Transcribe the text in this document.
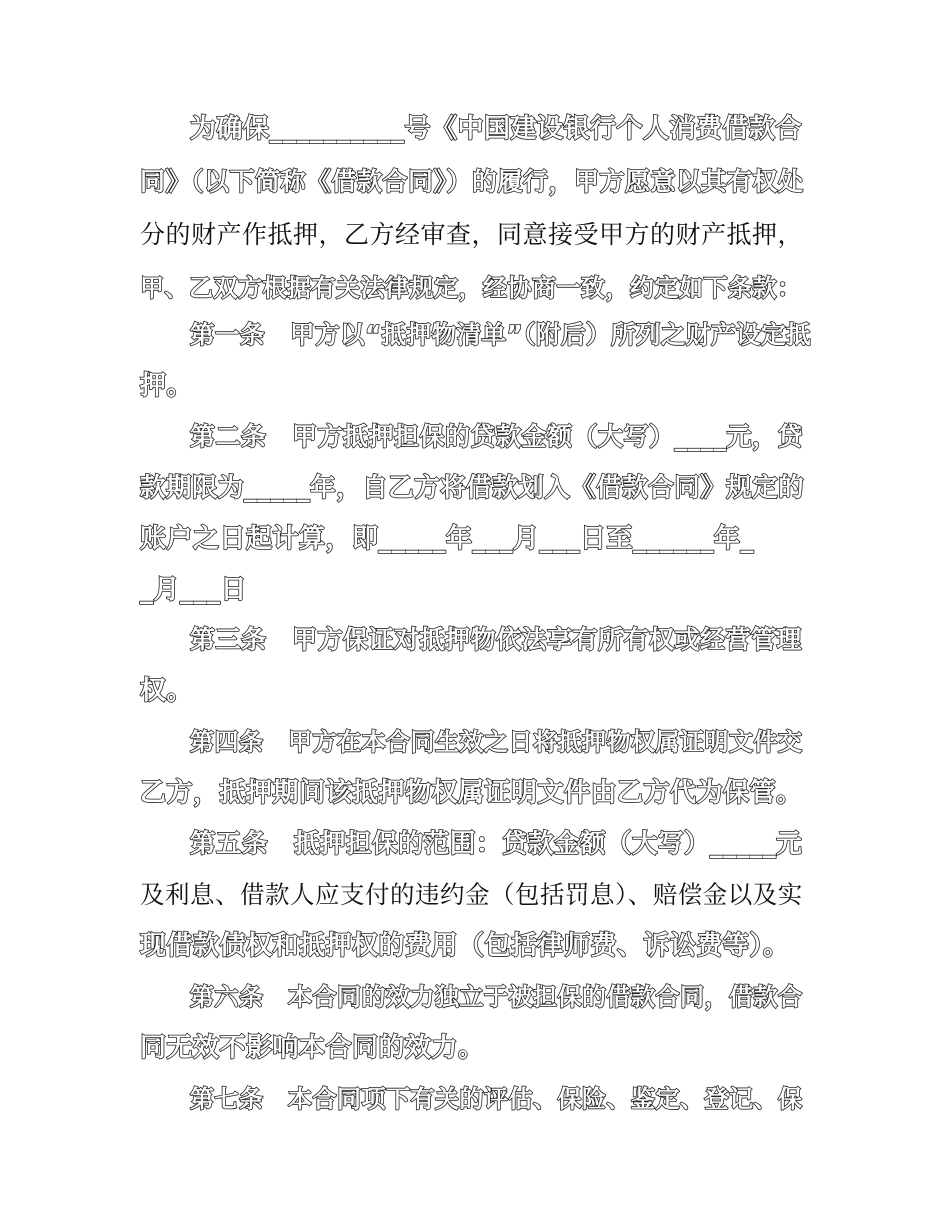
为确保__________号《中国建设银行个人消费借款合
同》（以下简称《借款合同》）的履行，甲方愿意以其有权处
分的财产作抵押，乙方经审查，同意接受甲方的财产抵押，
甲、乙双方根据有关法律规定，经协商一致，约定如下条款：
第一条　甲方以“抵押物清单”（附后）所列之财产设定抵
押。
第二条　甲方抵押担保的贷款金额（大写）____元，贷
款期限为_____年，自乙方将借款划入《借款合同》规定的
账户之日起计算，即_____年___月___日至______年_
_月___日
第三条　甲方保证对抵押物依法享有所有权或经营管理
权。
第四条　甲方在本合同生效之日将抵押物权属证明文件交
乙方，抵押期间该抵押物权属证明文件由乙方代为保管。
第五条　抵押担保的范围：贷款金额（大写）_____元
及利息、借款人应支付的违约金（包括罚息）、赔偿金以及实
现借款债权和抵押权的费用（包括律师费、诉讼费等）。
第六条　本合同的效力独立于被担保的借款合同，借款合
同无效不影响本合同的效力。
第七条　本合同项下有关的评估、保险、鉴定、登记、保
